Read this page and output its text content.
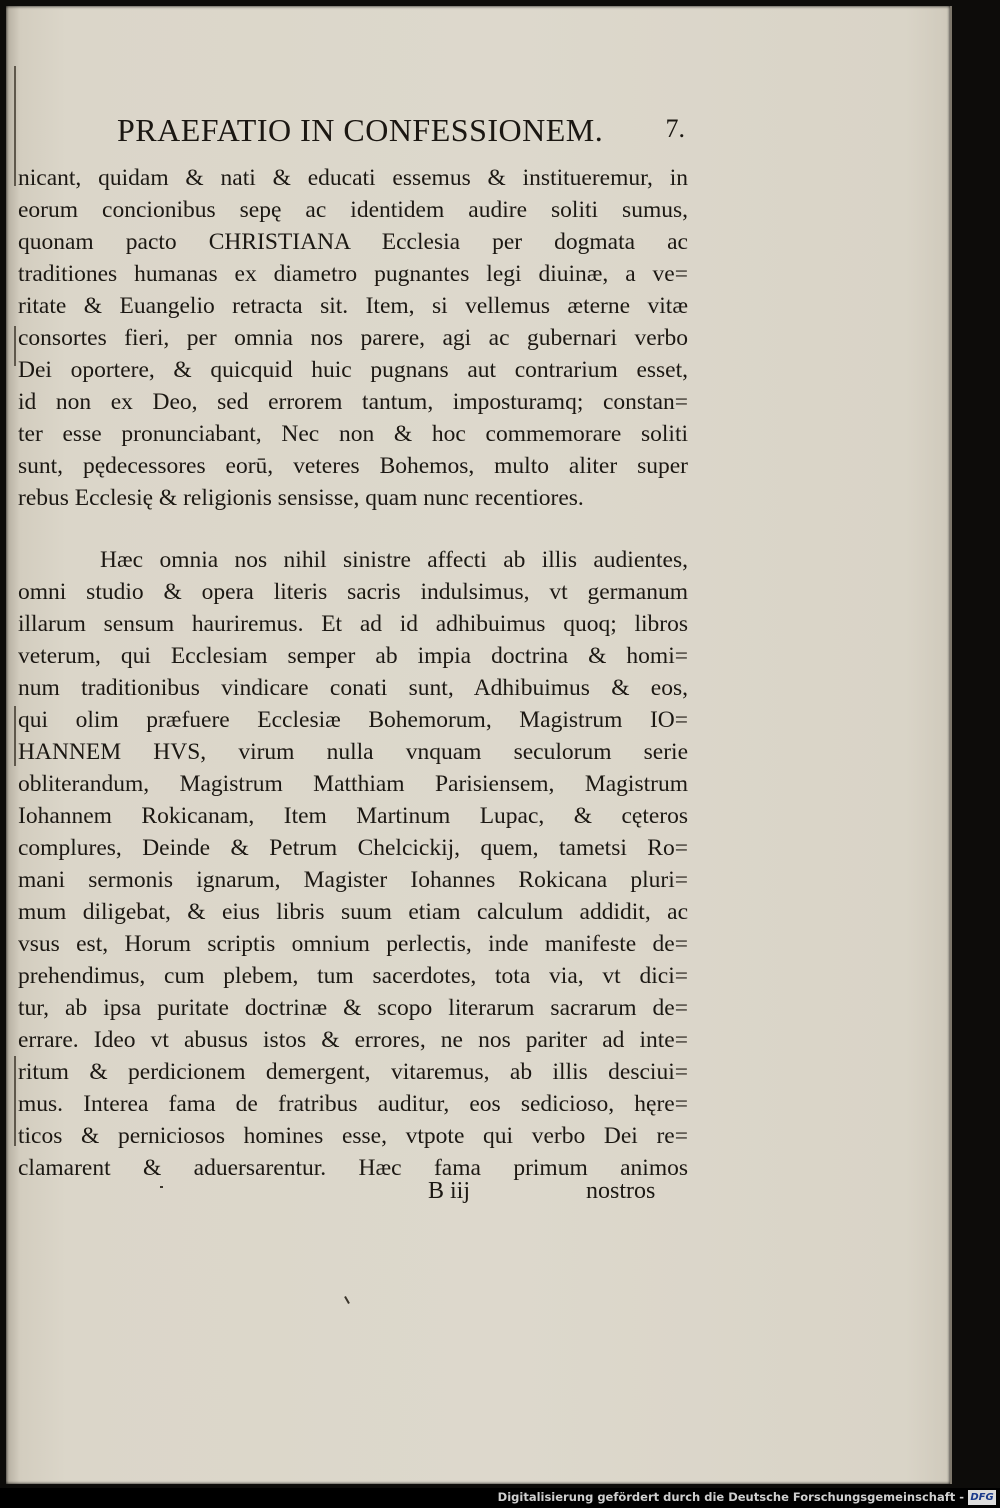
PRAEFATIO IN CONFESSIONEM. 7.
nicant, quidam & nati & educati essemus & institueremur, in
eorum concionibus sepę ac identidem audire soliti sumus,
quonam pacto CHRISTIANA Ecclesia per dogmata ac
traditiones humanas ex diametro pugnantes legi diuinæ, a ve=
ritate & Euangelio retracta sit. Item, si vellemus æterne vitæ
consortes fieri, per omnia nos parere, agi ac gubernari verbo
Dei oportere, & quicquid huic pugnans aut contrarium esset,
id non ex Deo, sed errorem tantum, imposturamq; constan=
ter esse pronunciabant, Nec non & hoc commemorare soliti
sunt, pędecessores eorū, veteres Bohemos, multo aliter super
rebus Ecclesię & religionis sensisse, quam nunc recentiores.
Hæc omnia nos nihil sinistre affecti ab illis audientes,
omni studio & opera literis sacris indulsimus, vt germanum
illarum sensum hauriremus. Et ad id adhibuimus quoq; libros
veterum, qui Ecclesiam semper ab impia doctrina & homi=
num traditionibus vindicare conati sunt, Adhibuimus & eos,
qui olim præfuere Ecclesiæ Bohemorum, Magistrum IO=
HANNEM HVS, virum nulla vnquam seculorum serie
obliterandum, Magistrum Matthiam Parisiensem, Magistrum
Iohannem Rokicanam, Item Martinum Lupac, & cęteros
complures, Deinde & Petrum Chelcickij, quem, tametsi Ro=
mani sermonis ignarum, Magister Iohannes Rokicana pluri=
mum diligebat, & eius libris suum etiam calculum addidit, ac
vsus est, Horum scriptis omnium perlectis, inde manifeste de=
prehendimus, cum plebem, tum sacerdotes, tota via, vt dici=
tur, ab ipsa puritate doctrinæ & scopo literarum sacrarum de=
errare. Ideo vt abusus istos & errores, ne nos pariter ad inte=
ritum & perdicionem demergent, vitaremus, ab illis desciui=
mus. Interea fama de fratribus auditur, eos sedicioso, hęre=
ticos & perniciosos homines esse, vtpote qui verbo Dei re=
clamarent & aduersarentur. Hæc fama primum animos
B iij	nostros
Digitalisierung gefördert durch die Deutsche Forschungsgemeinschaft - DFG
